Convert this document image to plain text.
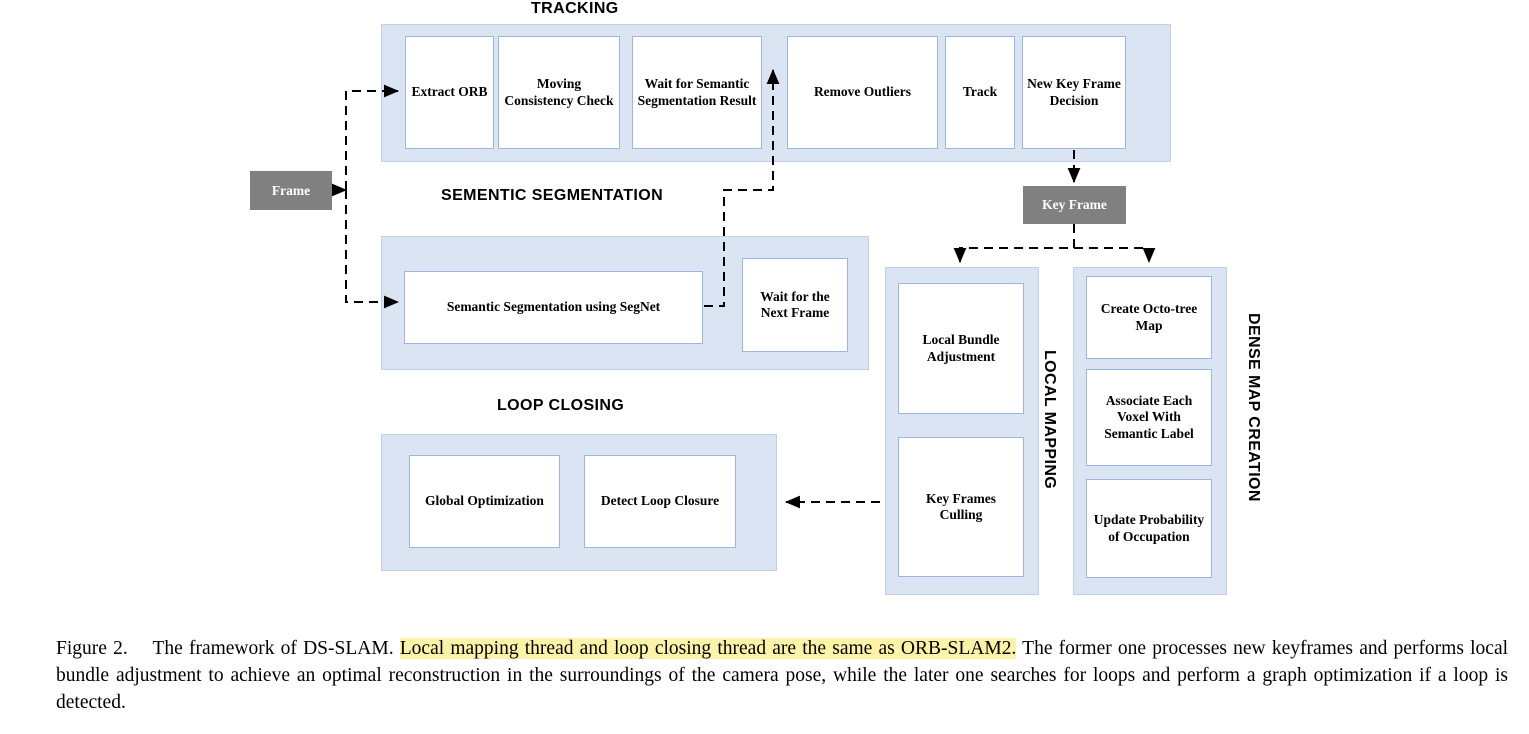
TRACKING
SEMENTIC SEGMENTATION
LOOP CLOSING	LOCAL MAPPING	DENSE MAP CREATION
Extract ORB
Moving Consistency Check
Wait for Semantic Segmentation Result
Remove Outliers	Track
New Key Frame Decision
Frame
Key Frame
Semantic Segmentation using SegNet
Wait for the Next Frame
Global Optimization	Detect Loop Closure
Local Bundle Adjustment
Key Frames Culling
Create Octo-tree Map
Associate Each Voxel With Semantic Label
Update Probability of Occupation
Figure 2. The framework of DS-SLAM. Local mapping thread and loop closing thread are the same as ORB-SLAM2. The former one processes new keyframes and performs local bundle adjustment to achieve an optimal reconstruction in the surroundings of the camera pose, while the later one searches for loops and perform a graph optimization if a loop is detected.
